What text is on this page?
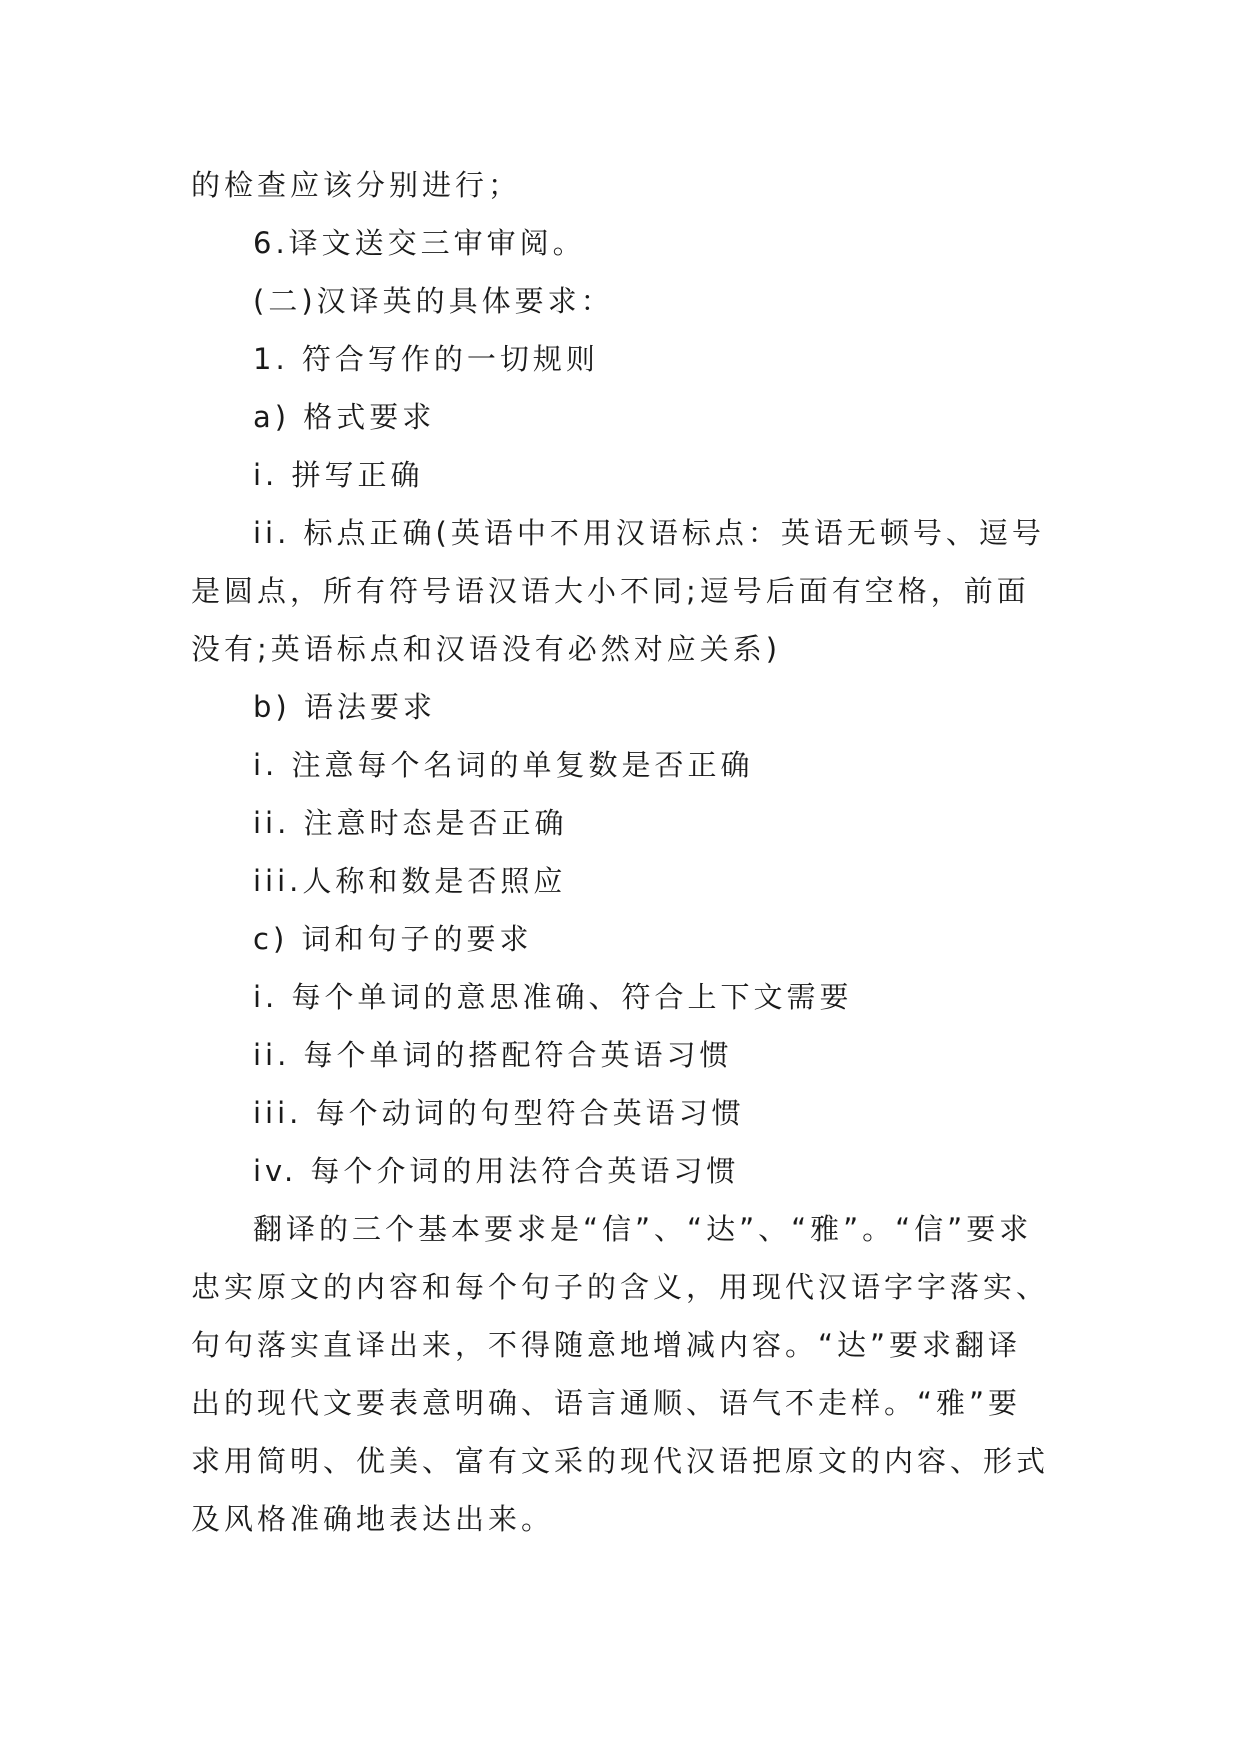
的检查应该分别进行；

6.译文送交三审审阅。

(二)汉译英的具体要求：

1. 符合写作的一切规则

a) 格式要求

i. 拼写正确

ii. 标点正确(英语中不用汉语标点：英语无顿号、逗号是圆点，所有符号语汉语大小不同;逗号后面有空格，前面没有;英语标点和汉语没有必然对应关系)

b) 语法要求

i. 注意每个名词的单复数是否正确

ii. 注意时态是否正确

iii.人称和数是否照应

c) 词和句子的要求

i. 每个单词的意思准确、符合上下文需要

ii. 每个单词的搭配符合英语习惯

iii. 每个动词的句型符合英语习惯

iv. 每个介词的用法符合英语习惯

翻译的三个基本要求是“信”、“达”、“雅”。“信”要求忠实原文的内容和每个句子的含义，用现代汉语字字落实、句句落实直译出来，不得随意地增减内容。“达”要求翻译出的现代文要表意明确、语言通顺、语气不走样。“雅”要求用简明、优美、富有文采的现代汉语把原文的内容、形式及风格准确地表达出来。
